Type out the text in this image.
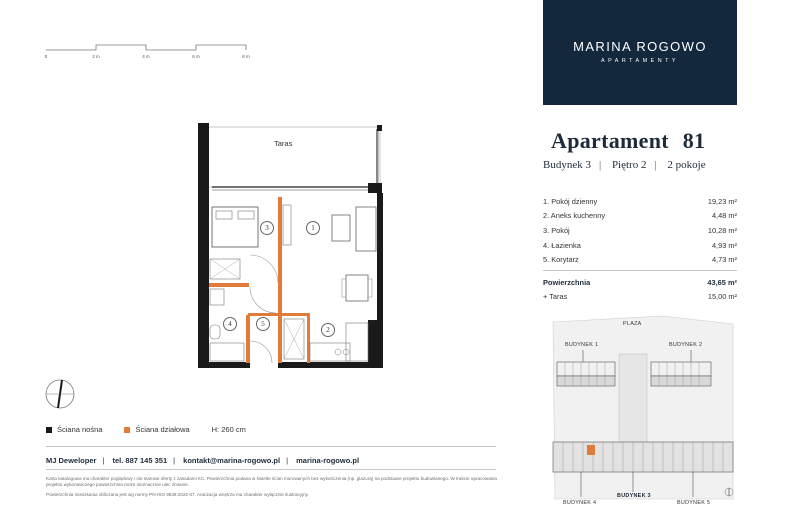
0	2 m	4 m	6 m	8 m
Taras
1
2
3
4	5
Ściana nośna	Ściana działowa	H: 260 cm
MJ Deweloper | tel. 887 145 351 | kontakt@marina-rogowo.pl | marina-rogowo.pl

Karta katalogowa ma charakter poglądowy i nie stanowi oferty z zasadami KC. Powierzchnia podana w świetle ścian murowanych bez wykończenia (np. glazurą) na podstawie projektu budowlanego. W trakcie opracowania projektu wykonawczego powierzchnia może nieznacznie ulec zmianie.

Powierzchnia mieszkania obliczana jest wg normy PN-ISO 9836:2022-07. Aranżacja wnętrza ma charakter wyłącznie ilustracyjny.

MARINA ROGOWO
APARTAMENTY
Apartament 81
Budynek 3 | Piętro 2 | 2 pokoje
1. Pokój dzienny	19,23 m²
2. Aneks kuchenny	4,48 m²
3. Pokój	10,28 m²
4. Łazienka	4,93 m²
5. Korytarz	4,73 m²
Powierzchnia	43,65 m²
+ Taras	15,00 m²
PLAZA
BUDYNEK 1	BUDYNEK 2
BUDYNEK 3
BUDYNEK 4	BUDYNEK 5
